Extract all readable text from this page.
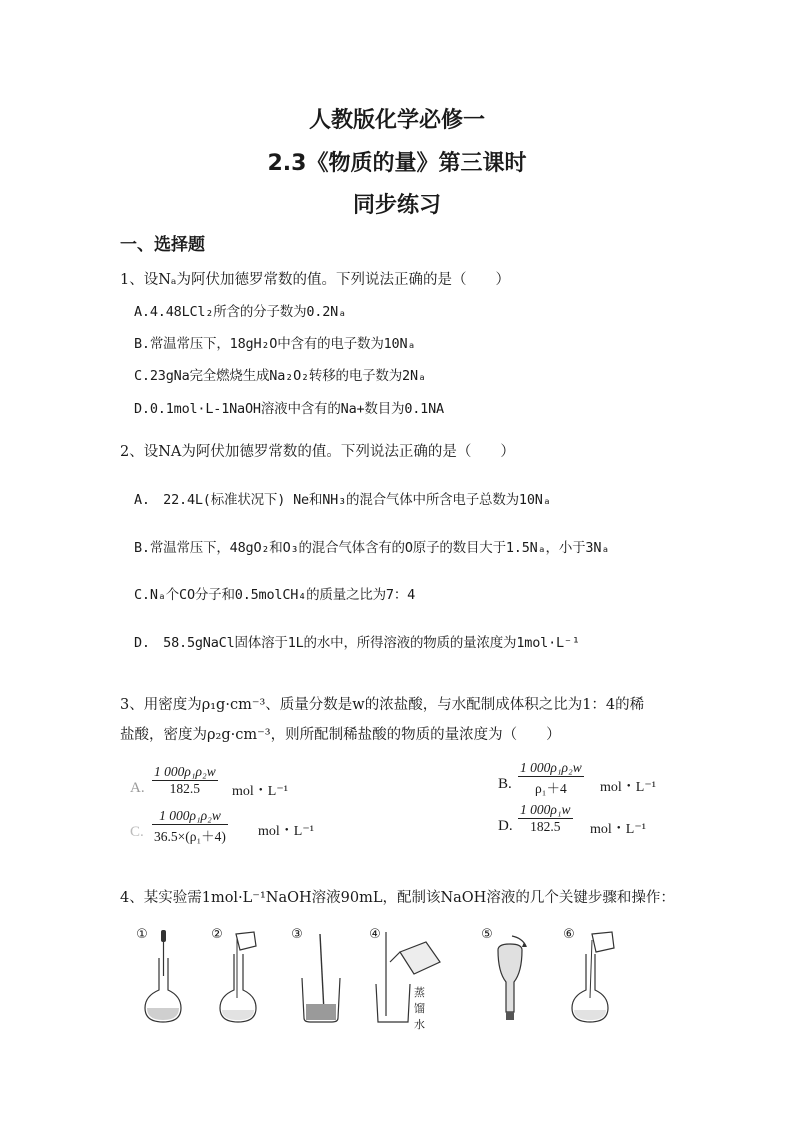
人教版化学必修一
2.3《物质的量》第三课时
同步练习
一、选择题
1、设Nₐ为阿伏加德罗常数的值。下列说法正确的是（　　）
A.4.48LCl₂所含的分子数为0.2Nₐ
B.常温常压下，18gH₂O中含有的电子数为10Nₐ
C.23gNa完全燃烧生成Na₂O₂转移的电子数为2Nₐ
D.0.1mol·L-1NaOH溶液中含有的Na+数目为0.1NA
2、设NA为阿伏加德罗常数的值。下列说法正确的是（　　）
A.　22.4L(标准状况下) Ne和NH₃的混合气体中所含电子总数为10Nₐ
B.常温常压下，48gO₂和O₃的混合气体含有的O原子的数目大于1.5Nₐ，小于3Nₐ
C.Nₐ个CO分子和0.5molCH₄的质量之比为7：4
D.　58.5gNaCl固体溶于1L的水中，所得溶液的物质的量浓度为1mol·L⁻¹
3、用密度为ρ₁g·cm⁻³、质量分数是w的浓盐酸，与水配制成体积之比为1：4的稀
盐酸，密度为ρ₂g·cm⁻³，则所配制稀盐酸的物质的量浓度为（　　）
A. $\frac{\text{1 000ρ₁ρ₂w}}{182.5}$ mol・L⁻¹	B. $\frac{\text{1 000ρ₁ρ₂w}}{\text{ρ₁＋4}}$ mol・L⁻¹
C. $\frac{\text{1 000ρ₁ρ₂w}}{\text{36.5×(ρ₁＋4)}}$ mol・L⁻¹	D. $\frac{\text{1 000ρ₁w}}{182.5}$ mol・L⁻¹
4、某实验需1mol·L⁻¹NaOH溶液90mL，配制该NaOH溶液的几个关键步骤和操作：
①	②	③	④
蒸馏水
⑤	⑥
